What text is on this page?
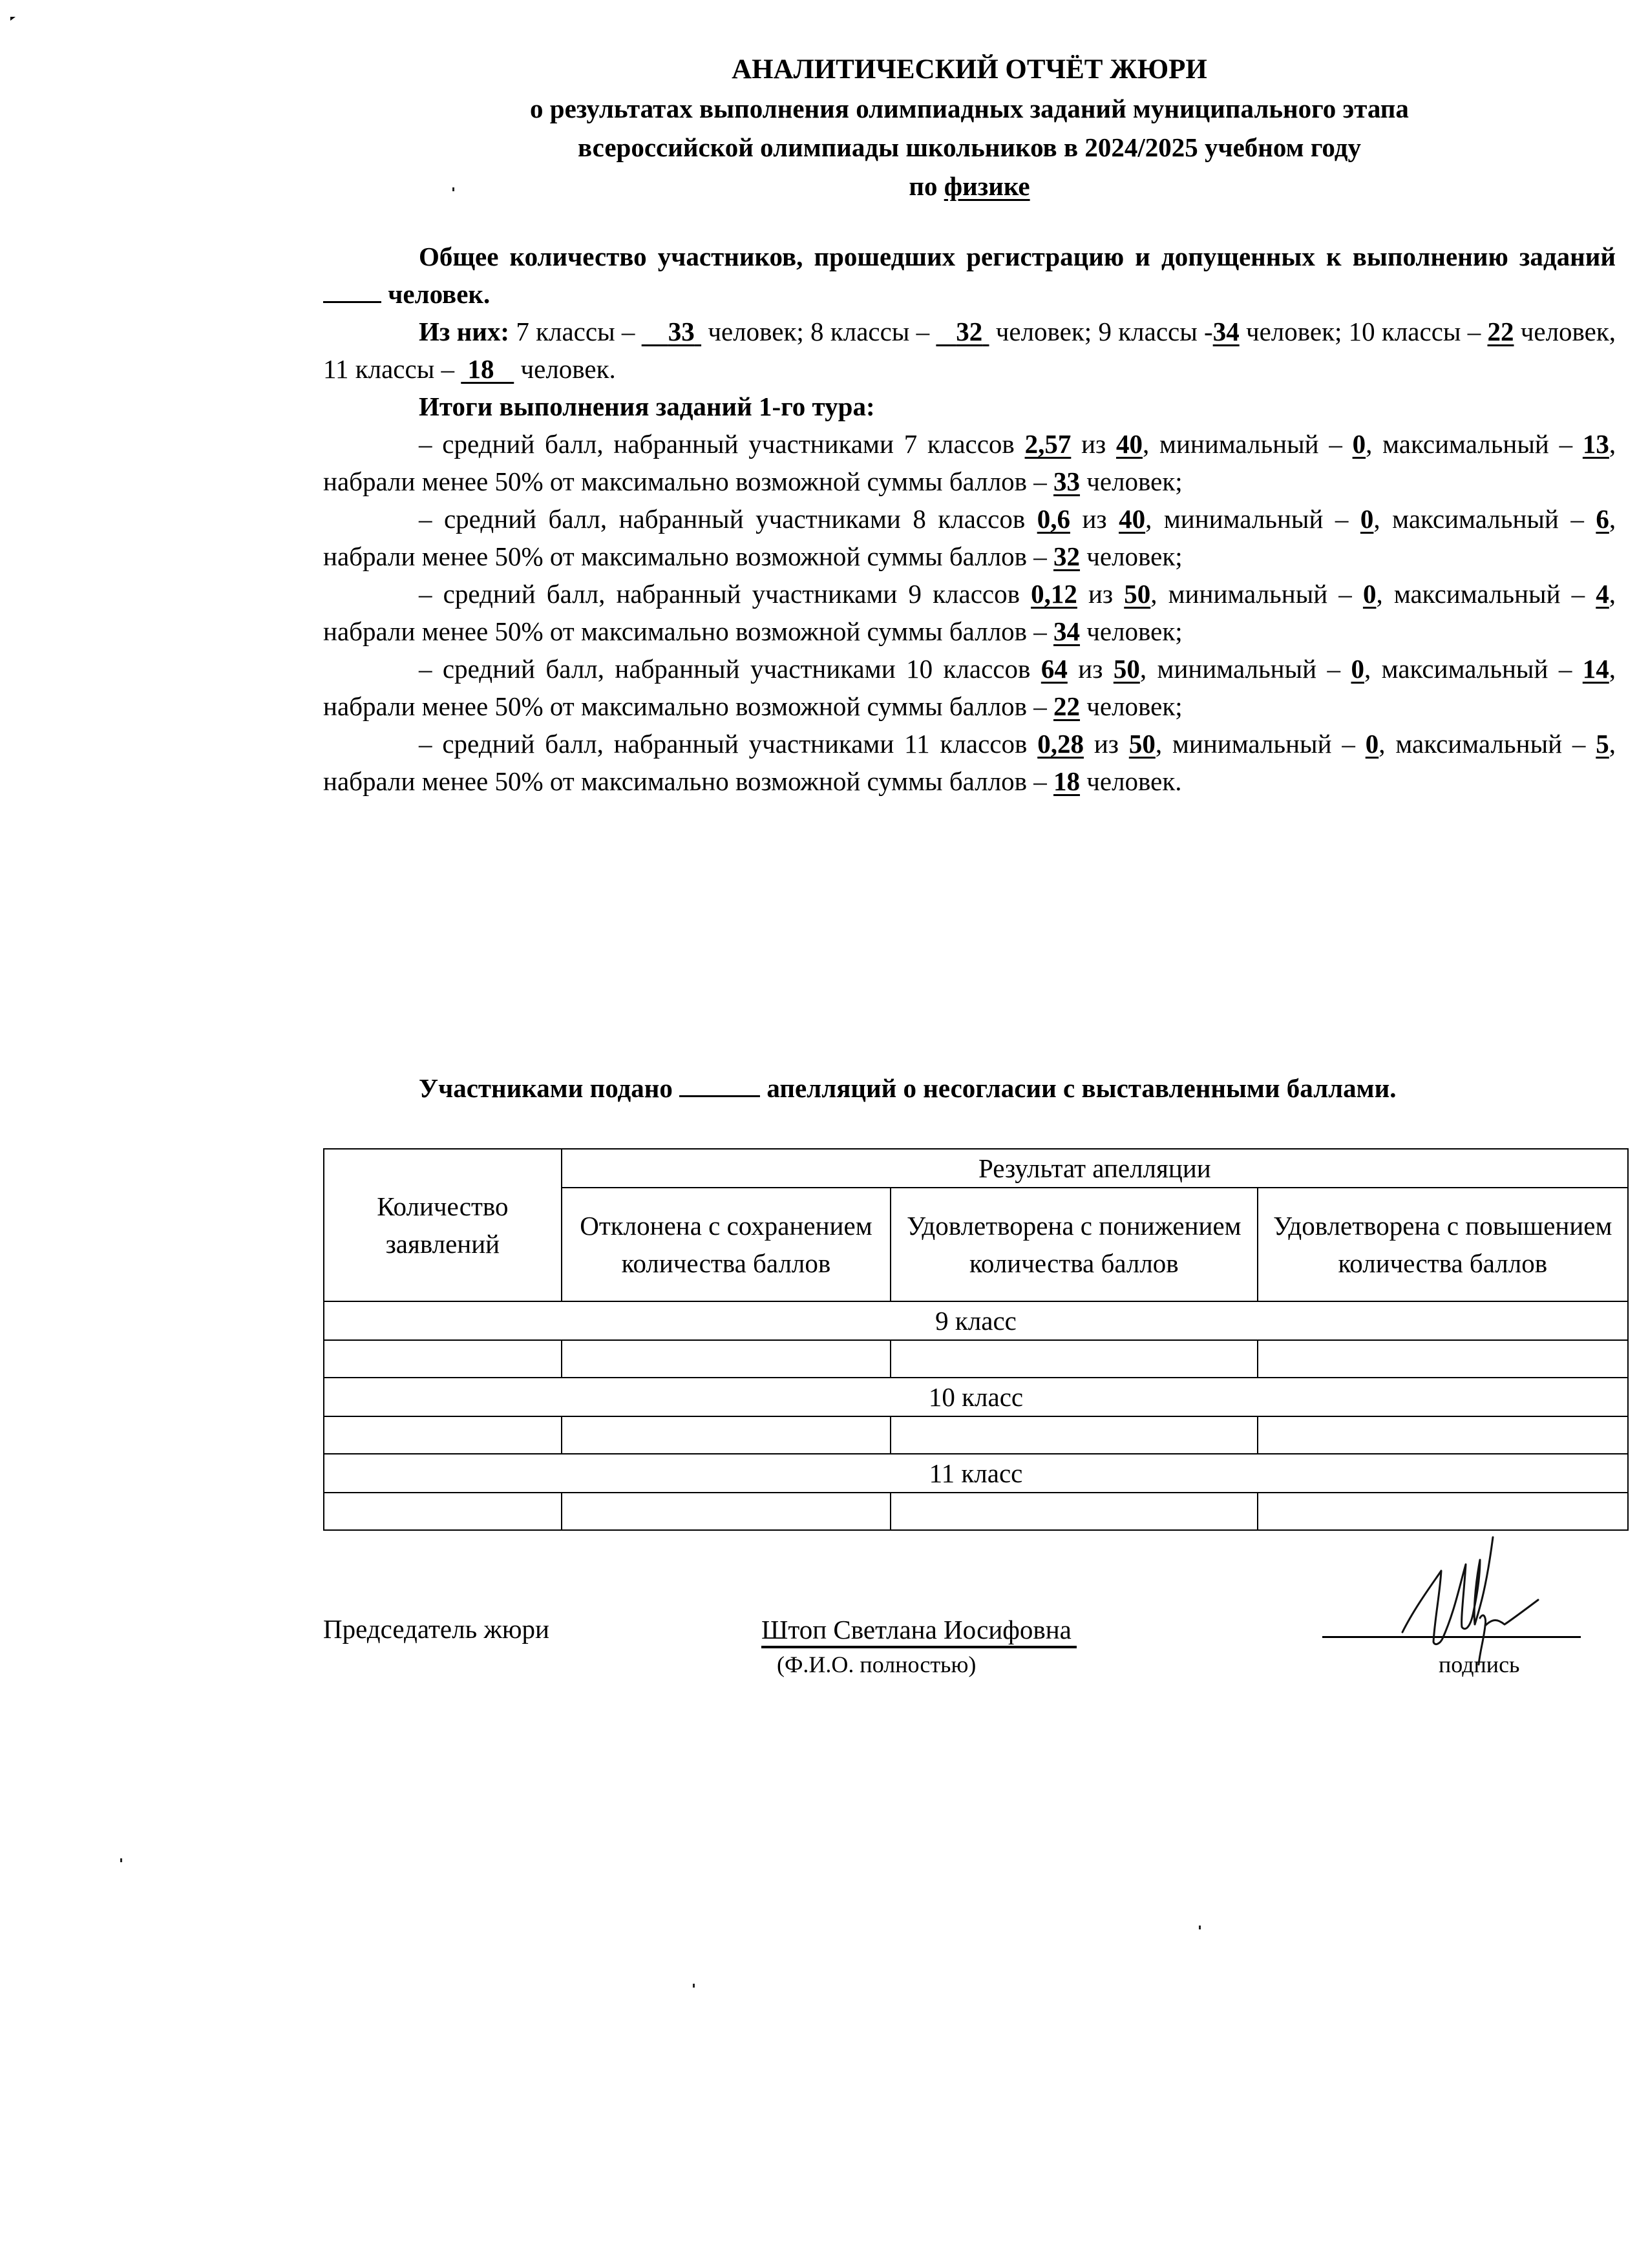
АНАЛИТИЧЕСКИЙ ОТЧЁТ ЖЮРИ
о результатах выполнения олимпиадных заданий муниципального этапа
всероссийской олимпиады школьников в 2024/2025 учебном году
по физике

Общее количество участников, прошедших регистрацию и допущенных к выполнению заданий  человек.

Из них: 7 классы – 33 человек; 8 классы – 32 человек; 9 классы -34 человек; 10 классы – 22 человек, 11 классы – 18 человек.

Итоги выполнения заданий 1-го тура:

– средний балл, набранный участниками 7 классов 2,57 из 40, минимальный – 0, максимальный – 13, набрали менее 50% от максимально возможной суммы баллов – 33 человек;

– средний балл, набранный участниками 8 классов 0,6 из 40, минимальный – 0, максимальный – 6, набрали менее 50% от максимально возможной суммы баллов – 32 человек;

– средний балл, набранный участниками 9 классов 0,12 из 50, минимальный – 0, максимальный – 4, набрали менее 50% от максимально возможной суммы баллов – 34 человек;

– средний балл, набранный участниками 10 классов 64 из 50, минимальный – 0, максимальный – 14, набрали менее 50% от максимально возможной суммы баллов – 22 человек;

– средний балл, набранный участниками 11 классов 0,28 из 50, минимальный – 0, максимальный – 5, набрали менее 50% от максимально возможной суммы баллов – 18 человек.

Участниками подано	апелляций о несогласии с выставленными баллами.
Количество заявлений	Результат апелляции		
	Отклонена с сохранением количества баллов	Удовлетворена с понижением количества баллов	Удовлетворена с повышением количества баллов
9 класс			

10 класс			

11 класс			

Председатель жюри	Штоп Светлана Иосифовна
(Ф.И.О. полностью)	подпись
